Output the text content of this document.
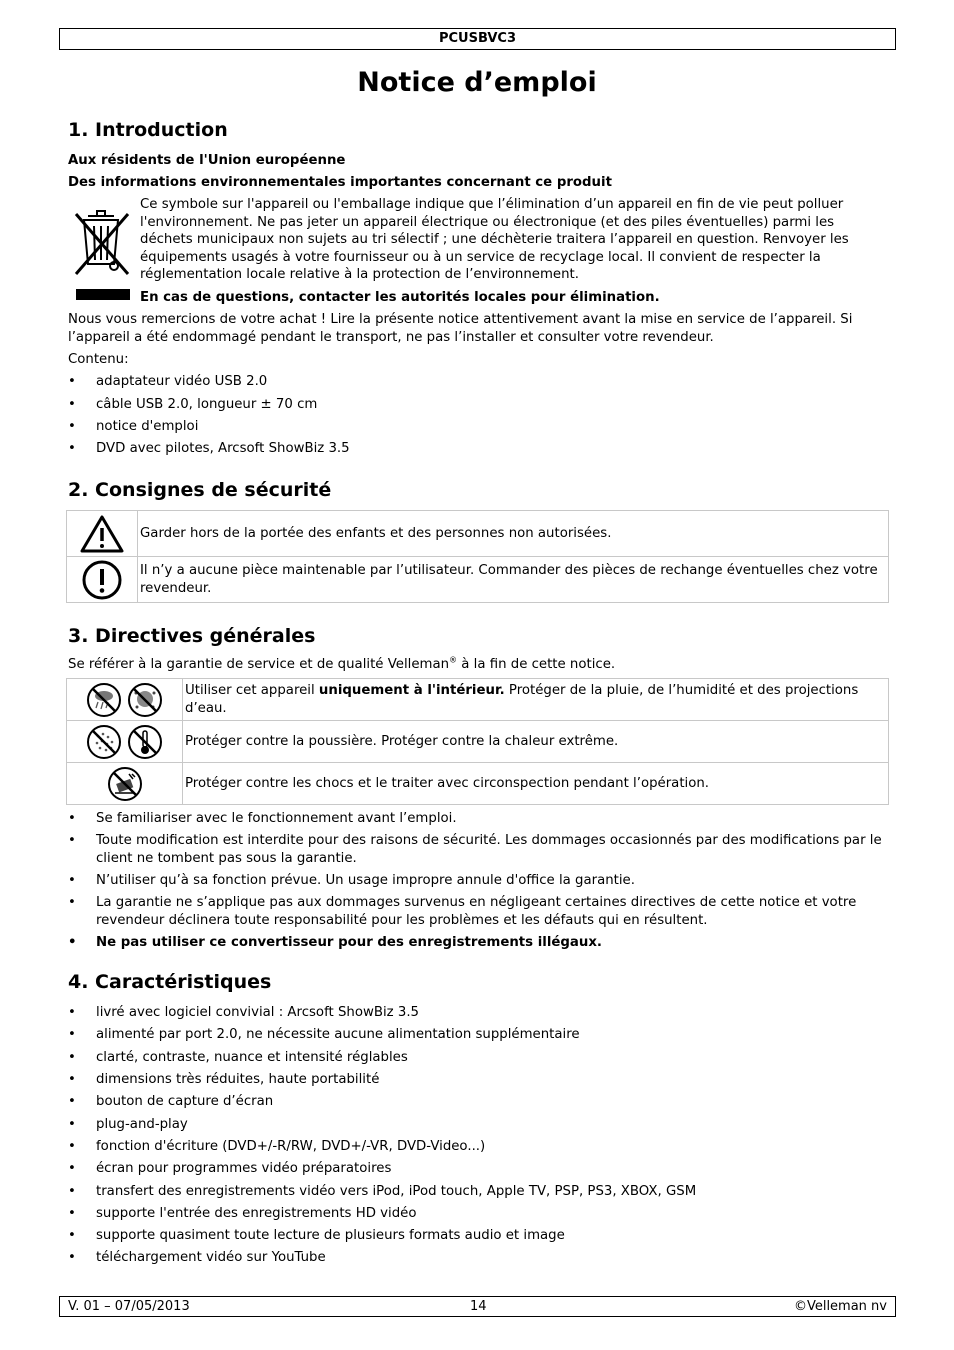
PCUSBVC3
Notice d’emploi
1. Introduction
Aux résidents de l'Union européenne
Des informations environnementales importantes concernant ce produit
Ce symbole sur l'appareil ou l'emballage indique que l’élimination d’un appareil en fin de vie peut polluer l'environnement. Ne pas jeter un appareil électrique ou électronique (et des piles éventuelles) parmi les déchets municipaux non sujets au tri sélectif ; une déchèterie traitera l’appareil en question. Renvoyer les équipements usagés à votre fournisseur ou à un service de recyclage local. Il convient de respecter la réglementation locale relative à la protection de l’environnement.
En cas de questions, contacter les autorités locales pour élimination.
Nous vous remercions de votre achat ! Lire la présente notice attentivement avant la mise en service de l’appareil. Si l’appareil a été endommagé pendant le transport, ne pas l’installer et consulter votre revendeur.
Contenu:
• adaptateur vidéo USB 2.0
• câble USB 2.0, longueur ± 70 cm
• notice d'emploi
• DVD avec pilotes, Arcsoft ShowBiz 3.5
2. Consignes de sécurité
	Garder hors de la portée des enfants et des personnes non autorisées.
	Il n’y a aucune pièce maintenable par l’utilisateur. Commander des pièces de rechange éventuelles chez votre revendeur.
3. Directives générales
Se référer à la garantie de service et de qualité Velleman® à la fin de cette notice.
	Utiliser cet appareil uniquement à l'intérieur. Protéger de la pluie, de l’humidité et des projections d’eau.
	Protéger contre la poussière. Protéger contre la chaleur extrême.
	Protéger contre les chocs et le traiter avec circonspection pendant l’opération.
• Se familiariser avec le fonctionnement avant l’emploi.
• Toute modification est interdite pour des raisons de sécurité. Les dommages occasionnés par des modifications par le client ne tombent pas sous la garantie.
• N’utiliser qu’à sa fonction prévue. Un usage impropre annule d'office la garantie.
• La garantie ne s’applique pas aux dommages survenus en négligeant certaines directives de cette notice et votre revendeur déclinera toute responsabilité pour les problèmes et les défauts qui en résultent.
• Ne pas utiliser ce convertisseur pour des enregistrements illégaux.
4. Caractéristiques
• livré avec logiciel convivial : Arcsoft ShowBiz 3.5
• alimenté par port 2.0, ne nécessite aucune alimentation supplémentaire
• clarté, contraste, nuance et intensité réglables
• dimensions très réduites, haute portabilité
• bouton de capture d’écran
• plug-and-play
• fonction d'écriture (DVD+/-R/RW, DVD+/-VR, DVD-Video...)
• écran pour programmes vidéo préparatoires
• transfert des enregistrements vidéo vers iPod, iPod touch, Apple TV, PSP, PS3, XBOX, GSM
• supporte l'entrée des enregistrements HD vidéo
• supporte quasiment toute lecture de plusieurs formats audio et image
• téléchargement vidéo sur YouTube
V. 01 – 07/05/2013	14	©Velleman nv
